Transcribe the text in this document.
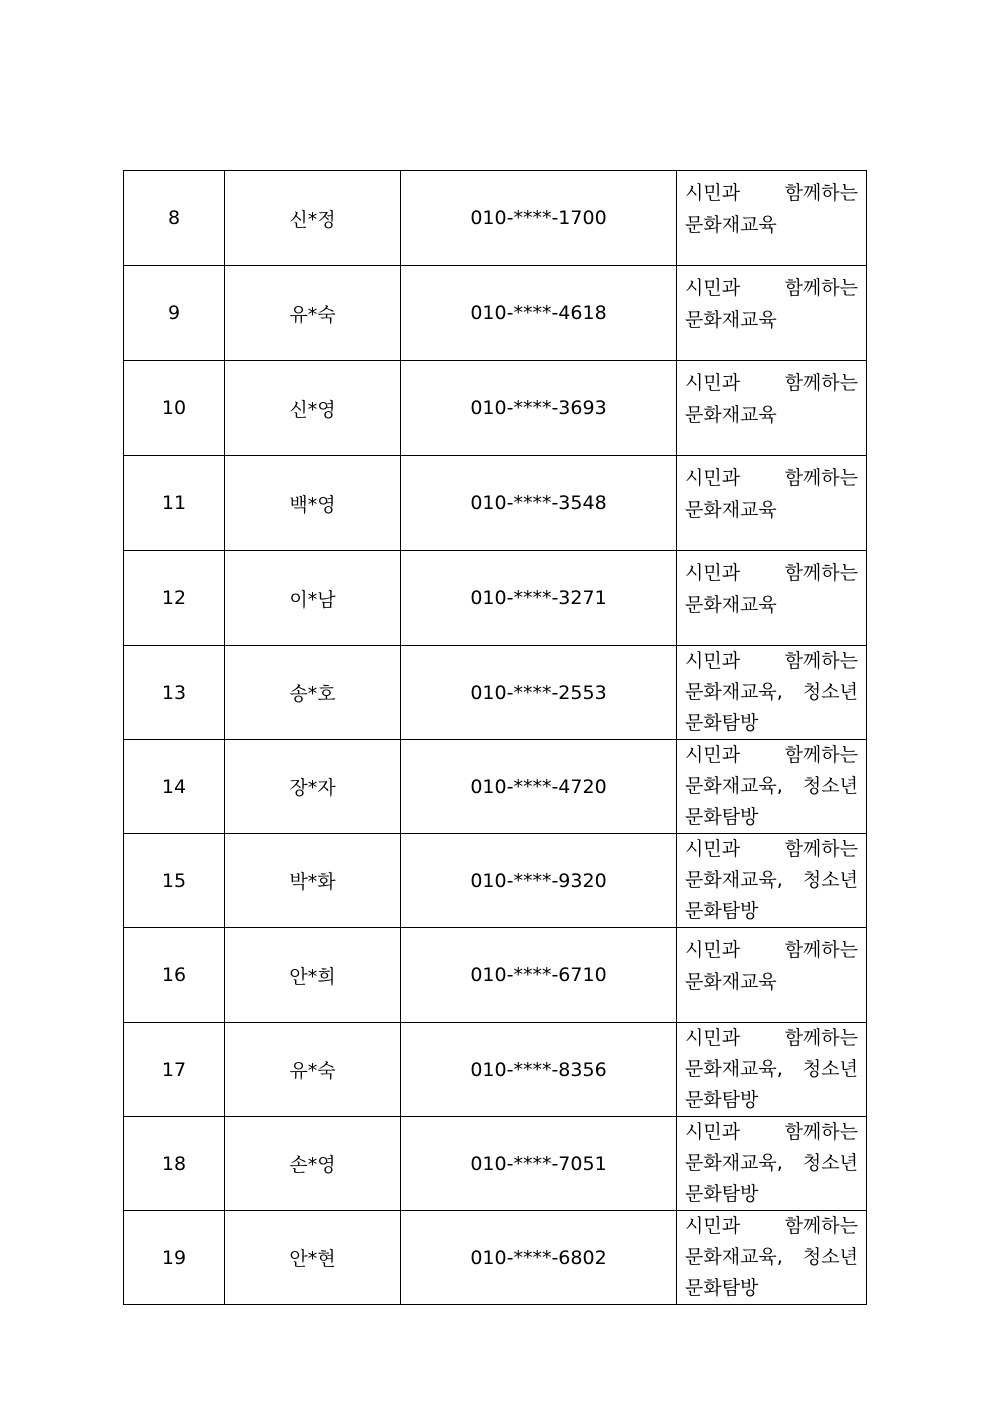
8	신*정	010-****-1700	시민과 함께하는
문화재교육

9	유*숙	010-****-4618	시민과 함께하는
문화재교육

10	신*영	010-****-3693	시민과 함께하는
문화재교육

11	백*영	010-****-3548	시민과 함께하는
문화재교육

12	이*남	010-****-3271	시민과 함께하는
문화재교육

13	송*호	010-****-2553	시민과 함께하는
문화재교육, 청소년
문화탐방

14	장*자	010-****-4720	시민과 함께하는
문화재교육, 청소년
문화탐방

15	박*화	010-****-9320	시민과 함께하는
문화재교육, 청소년
문화탐방

16	안*희	010-****-6710	시민과 함께하는
문화재교육

17	유*숙	010-****-8356	시민과 함께하는
문화재교육, 청소년
문화탐방

18	손*영	010-****-7051	시민과 함께하는
문화재교육, 청소년
문화탐방

19	안*현	010-****-6802	시민과 함께하는
문화재교육, 청소년
문화탐방
